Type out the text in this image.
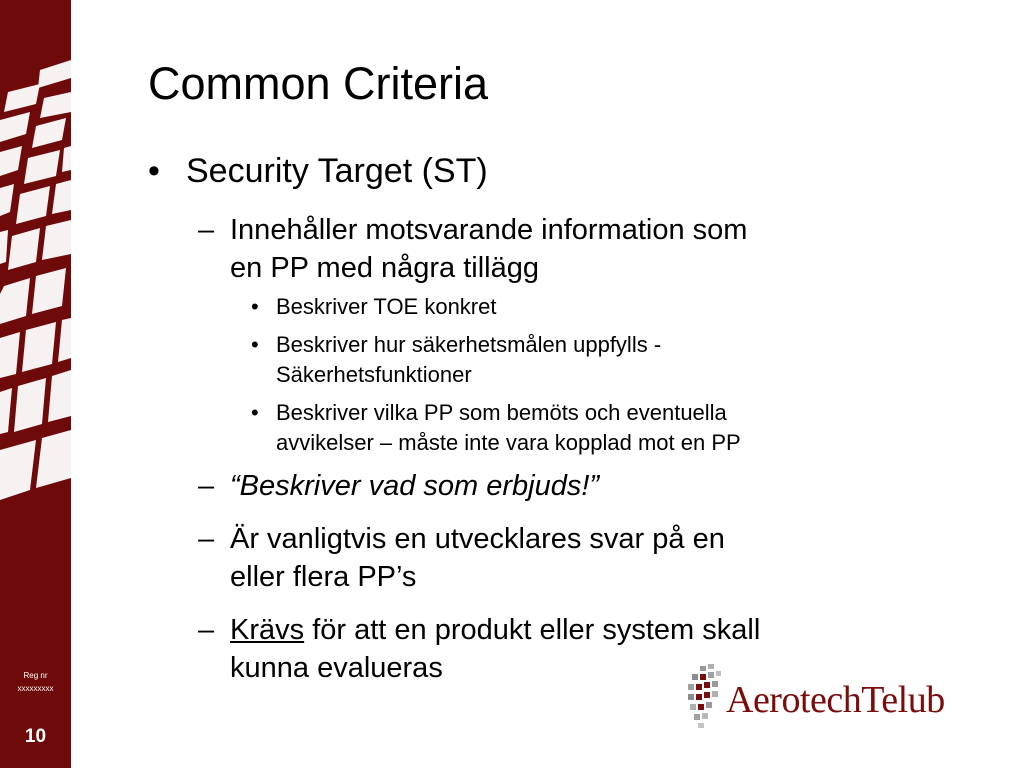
Reg nr
xxxxxxxxx
10
Common Criteria
• Security Target (ST)
– Innehåller motsvarande information som
en PP med några tillägg
• Beskriver TOE konkret
• Beskriver hur säkerhetsmålen uppfylls -
Säkerhetsfunktioner
• Beskriver vilka PP som bemöts och eventuella
avvikelser – måste inte vara kopplad mot en PP
– “Beskriver vad som erbjuds!”
– Är vanligtvis en utvecklares svar på en
eller flera PP’s
– Krävs för att en produkt eller system skall
kunna evalueras
AerotechTelub
